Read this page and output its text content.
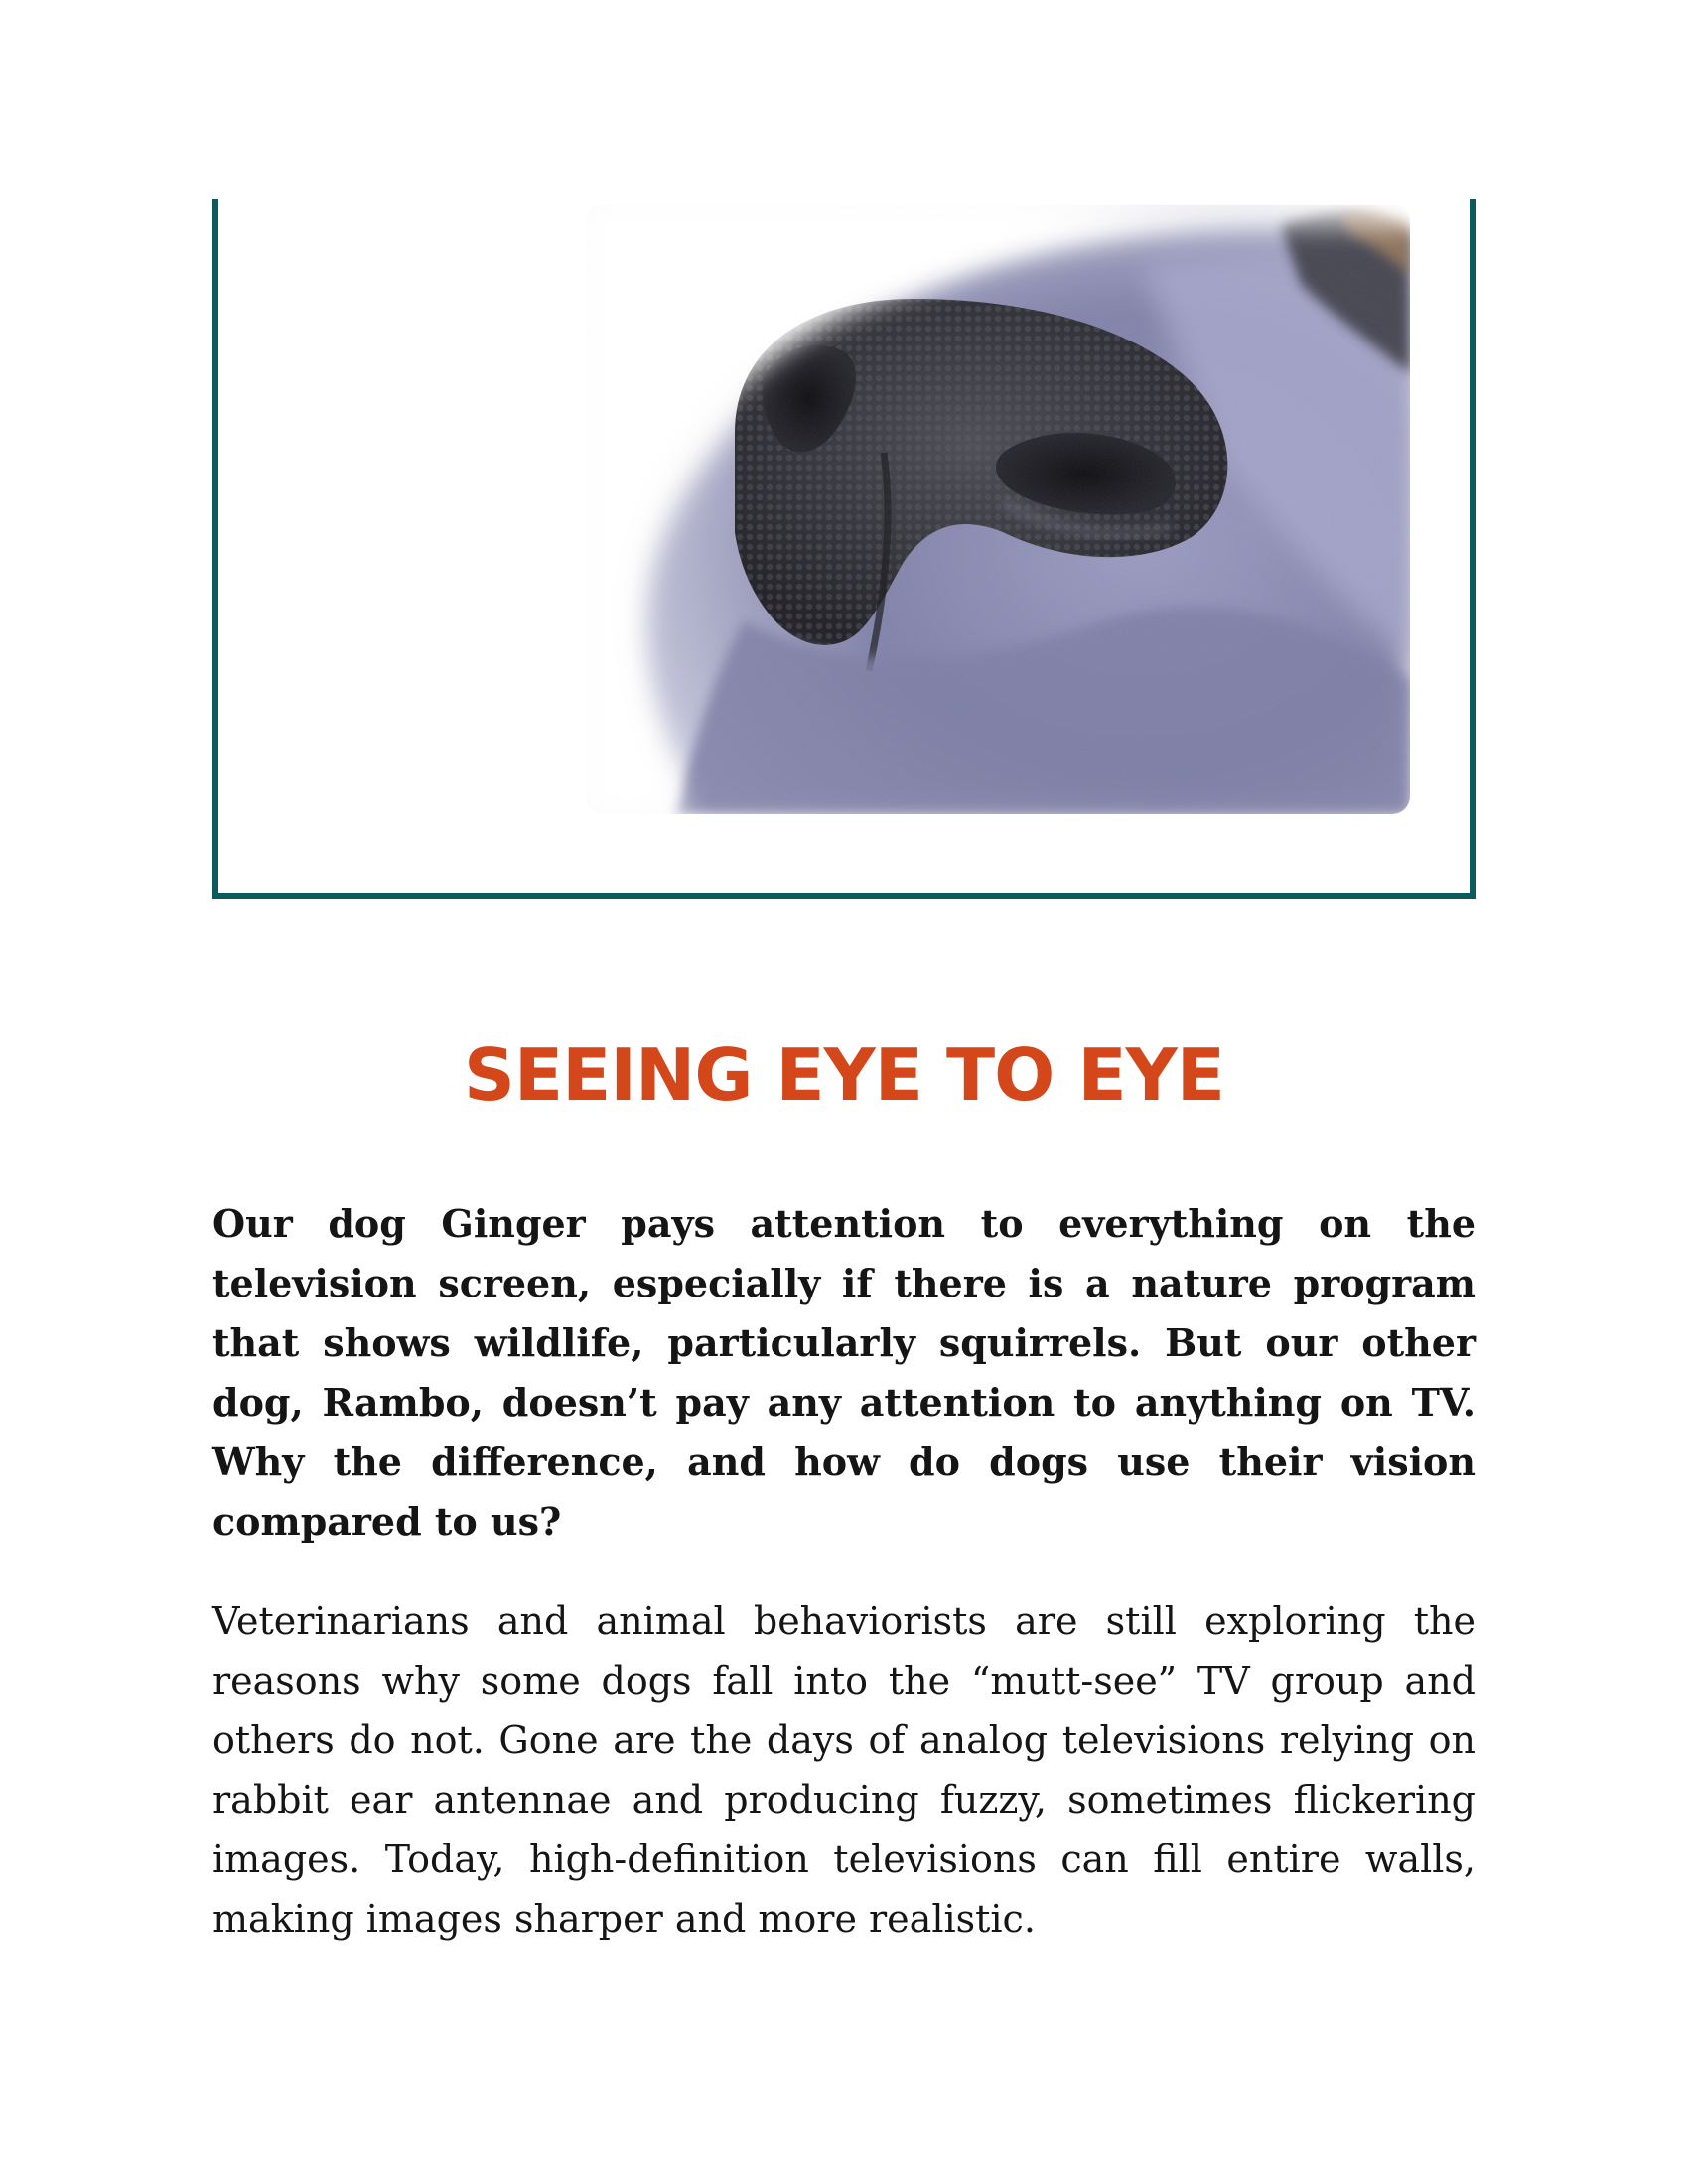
SEEING EYE TO EYE

Our dog Ginger pays attention to everything on the television screen, especially if there is a nature program that shows wildlife, particularly squirrels. But our other dog, Rambo, doesn’t pay any attention to anything on TV. Why the difference, and how do dogs use their vision compared to us?

Veterinarians and animal behaviorists are still exploring the reasons why some dogs fall into the “mutt-see” TV group and others do not. Gone are the days of analog televisions relying on rabbit ear antennae and producing fuzzy, sometimes flickering images. Today, high-definition televisions can fill entire walls, making images sharper and more realistic.
